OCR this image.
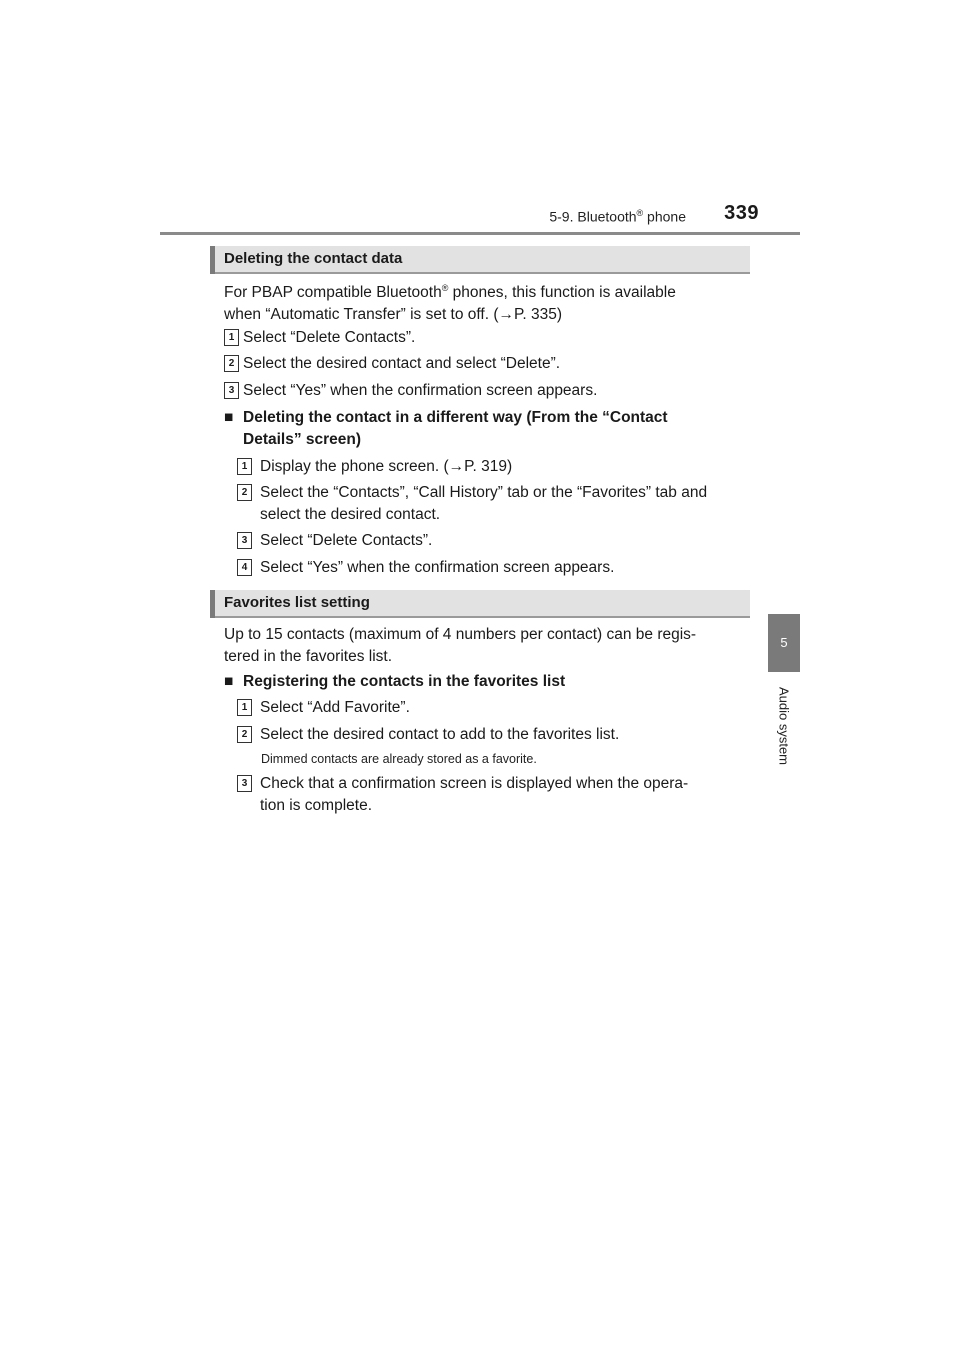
5-9. Bluetooth® phone 339
5
Audio system
Deleting the contact data
For PBAP compatible Bluetooth® phones, this function is available
when “Automatic Transfer” is set to off. (→P. 335)
1 Select “Delete Contacts”.
2 Select the desired contact and select “Delete”.
3 Select “Yes” when the confirmation screen appears.
■ Deleting the contact in a different way (From the “Contact
Details” screen)
1 Display the phone screen. (→P. 319)
2 Select the “Contacts”, “Call History” tab or the “Favorites” tab and
select the desired contact.
3 Select “Delete Contacts”.
4 Select “Yes” when the confirmation screen appears.
Favorites list setting
Up to 15 contacts (maximum of 4 numbers per contact) can be regis-
tered in the favorites list.
■ Registering the contacts in the favorites list
1 Select “Add Favorite”.
2 Select the desired contact to add to the favorites list.
Dimmed contacts are already stored as a favorite.
3 Check that a confirmation screen is displayed when the opera-
tion is complete.
